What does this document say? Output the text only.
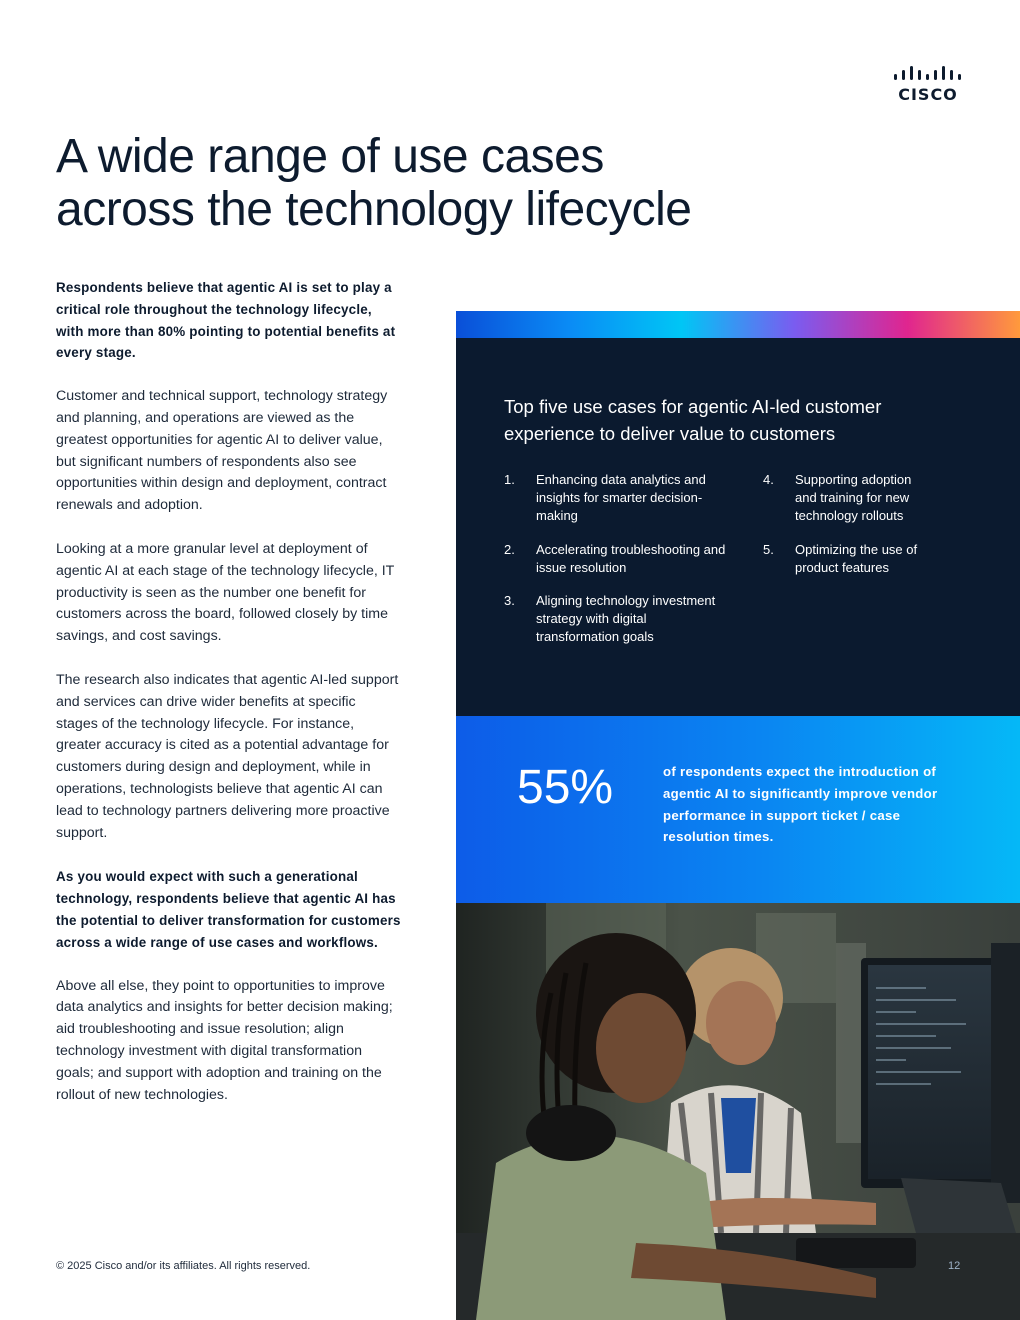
CISCO
A wide range of use cases
across the technology lifecycle

Respondents believe that agentic AI is set to play a critical role throughout the technology lifecycle, with more than 80% pointing to potential benefits at every stage.

Customer and technical support, technology strategy and planning, and operations are viewed as the greatest opportunities for agentic AI to deliver value, but significant numbers of respondents also see opportunities within design and deployment, contract renewals and adoption.

Looking at a more granular level at deployment of agentic AI at each stage of the technology lifecycle, IT productivity is seen as the number one benefit for customers across the board, followed closely by time savings, and cost savings.

The research also indicates that agentic AI-led support and services can drive wider benefits at specific stages of the technology lifecycle. For instance, greater accuracy is cited as a potential advantage for customers during design and deployment, while in operations, technologists believe that agentic AI can lead to technology partners delivering more proactive support.

As you would expect with such a generational technology, respondents believe that agentic AI has the potential to deliver transformation for customers across a wide range of use cases and workflows.

Above all else, they point to opportunities to improve data analytics and insights for better decision making; aid troubleshooting and issue resolution; align technology investment with digital transformation goals; and support with adoption and training on the rollout of new technologies.

Top five use cases for agentic AI-led customer experience to deliver value to customers
1.	Enhancing data analytics and insights for smarter decision-making
2.	Accelerating troubleshooting and issue resolution
3.	Aligning technology investment strategy with digital transformation goals
4.	Supporting adoption and training for new technology rollouts
5.	Optimizing the use of product features
55%	of respondents expect the introduction of agentic AI to significantly improve vendor performance in support ticket / case resolution times.
© 2025 Cisco and/or its affiliates. All rights reserved.	12
